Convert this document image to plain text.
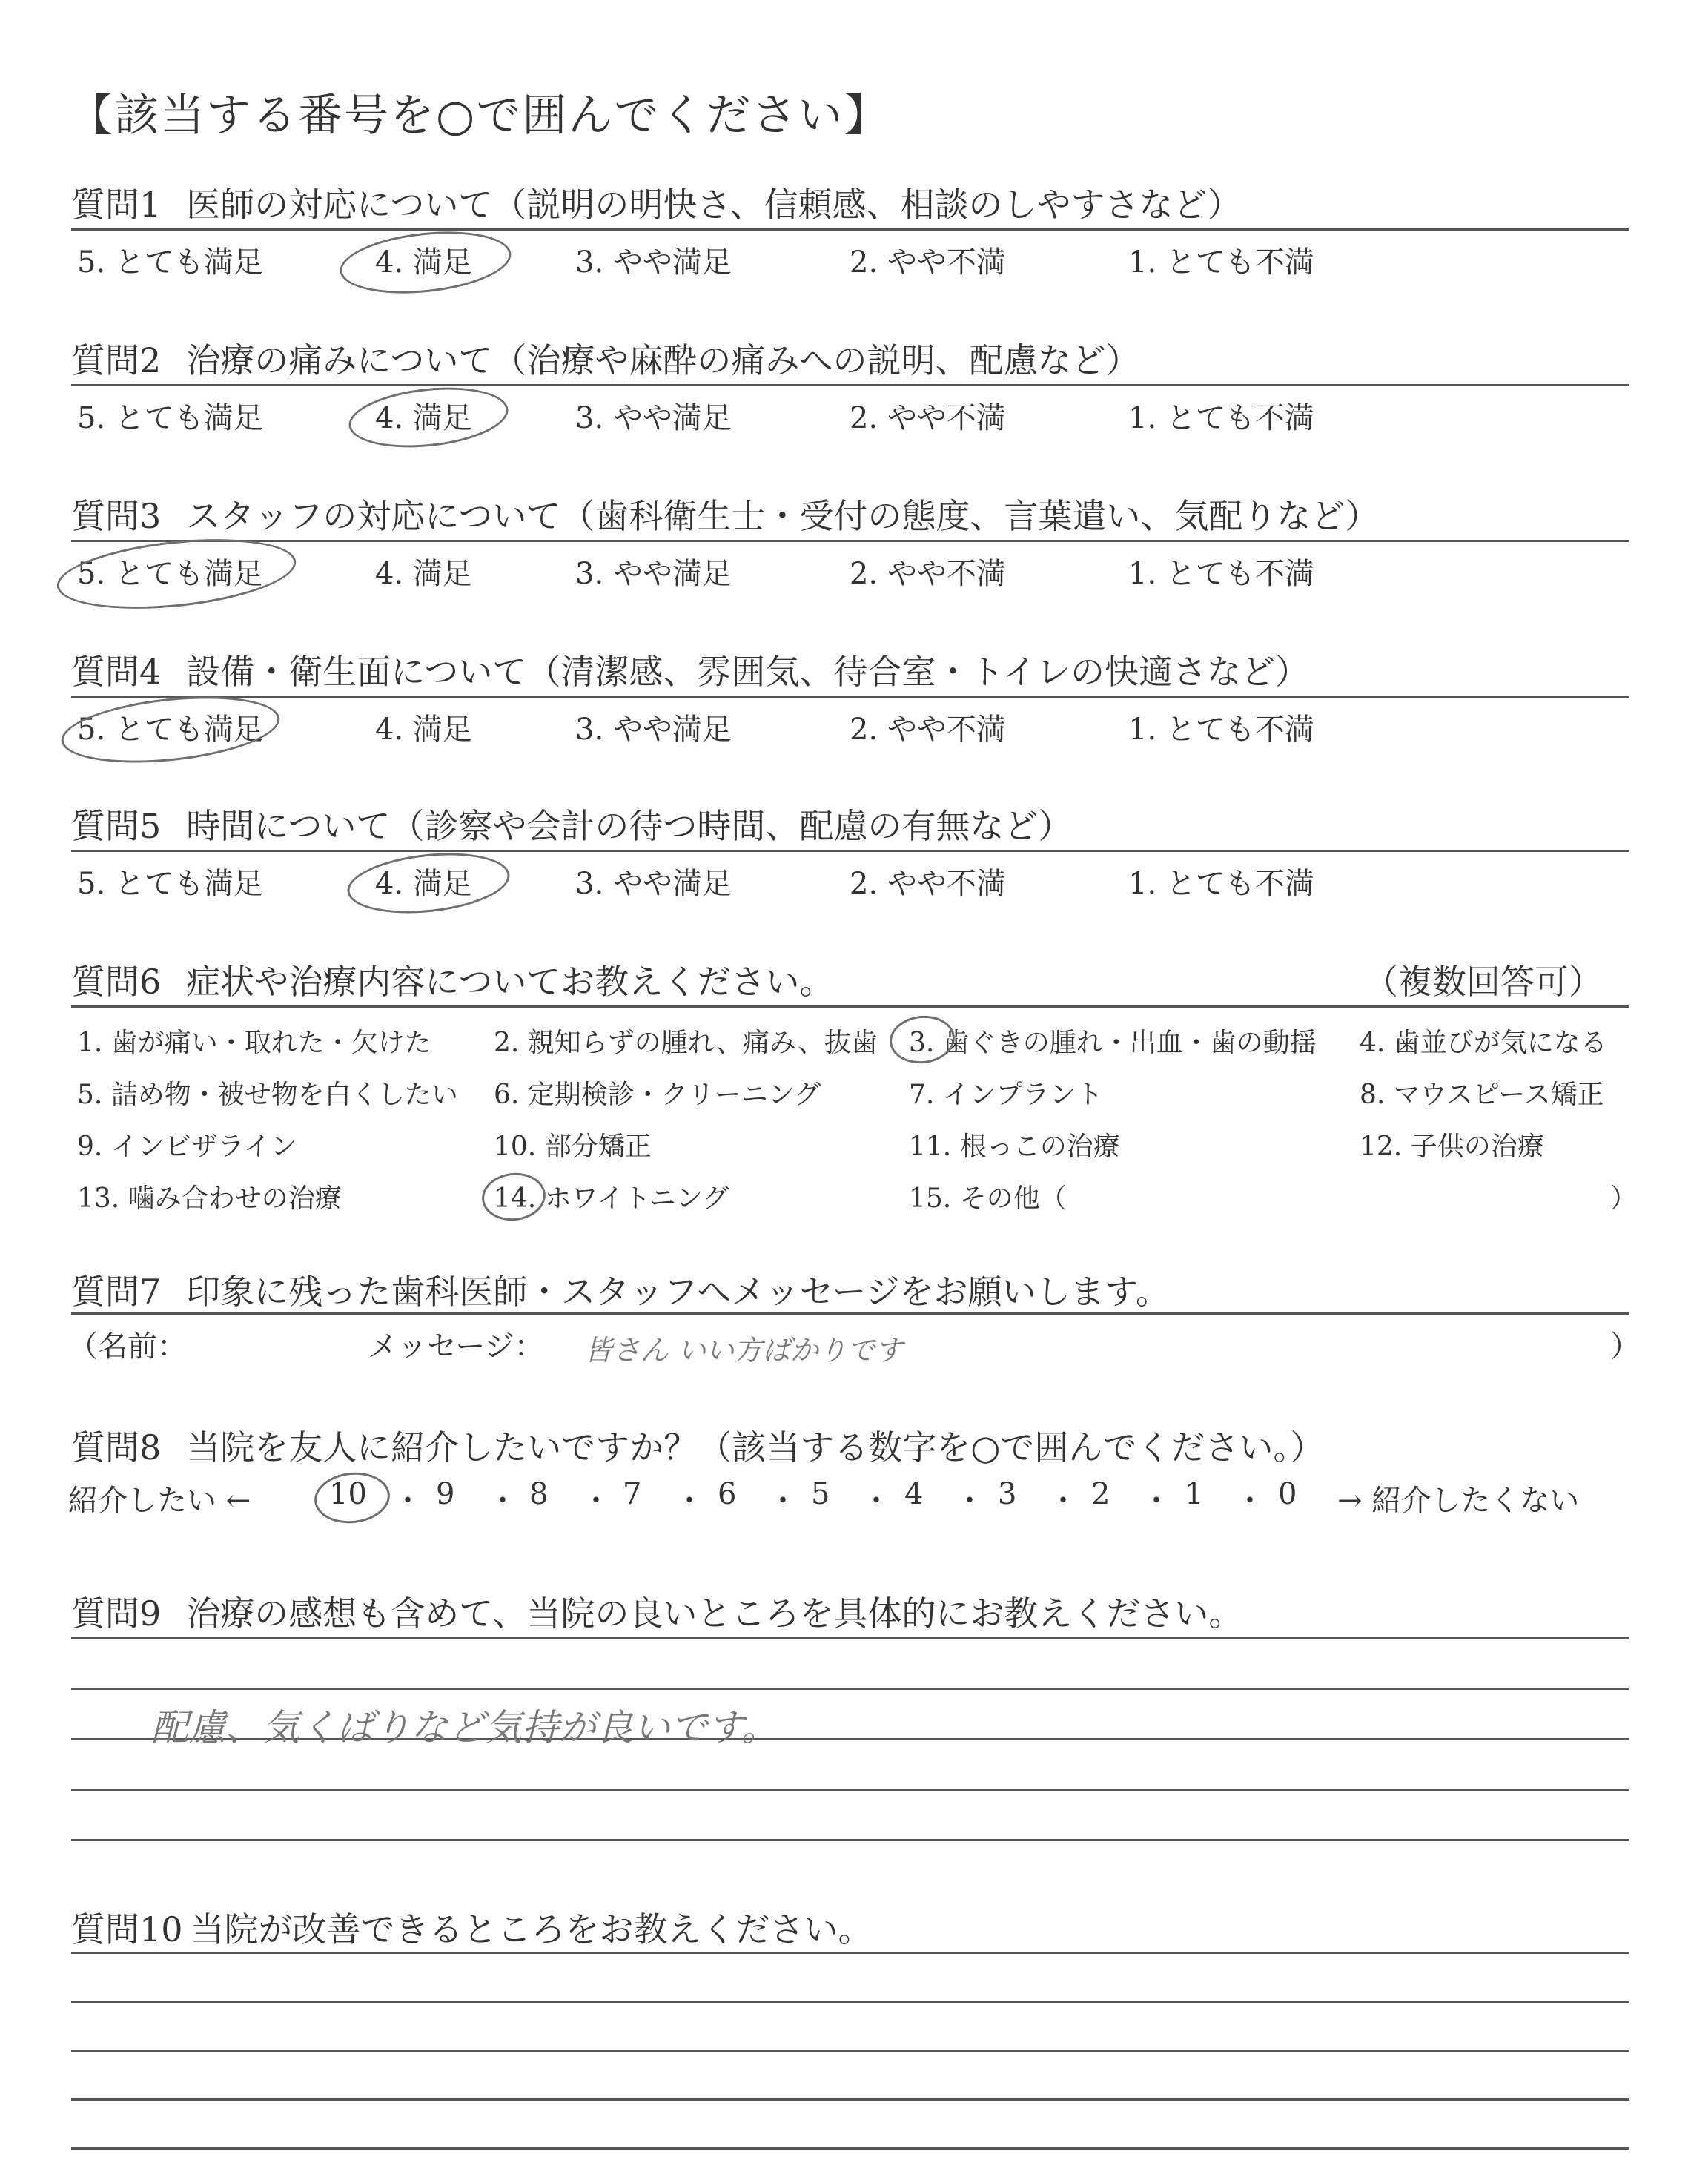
【該当する番号を○で囲んでください】
質問1 医師の対応について（説明の明快さ、信頼感、相談のしやすさなど）
5. とても満足	4. 満足	3. やや満足	2. やや不満	1. とても不満
質問2 治療の痛みについて（治療や麻酔の痛みへの説明、配慮など）
5. とても満足	4. 満足	3. やや満足	2. やや不満	1. とても不満
質問3 スタッフの対応について（歯科衛生士・受付の態度、言葉遣い、気配りなど）
5. とても満足	4. 満足	3. やや満足	2. やや不満	1. とても不満
質問4 設備・衛生面について（清潔感、雰囲気、待合室・トイレの快適さなど）
5. とても満足	4. 満足	3. やや満足	2. やや不満	1. とても不満
質問5 時間について（診察や会計の待つ時間、配慮の有無など）
5. とても満足	4. 満足	3. やや満足	2. やや不満	1. とても不満
質問6 症状や治療内容についてお教えください。	（複数回答可）
1. 歯が痛い・取れた・欠けた 2. 親知らずの腫れ、痛み、抜歯 3. 歯ぐきの腫れ・出血・歯の動揺 4. 歯並びが気になる
5. 詰め物・被せ物を白くしたい 6. 定期検診・クリーニング	7. インプラント	8. マウスピース矯正
9. インビザライン	10. 部分矯正	11. 根っこの治療	12. 子供の治療
13. 噛み合わせの治療	14. ホワイトニング	15. その他（	）
質問7 印象に残った歯科医師・スタッフへメッセージをお願いします。
（名前：	メッセージ： 皆さん いい方ばかりです	）
質問8 当院を友人に紹介したいですか？（該当する数字を○で囲んでください。）
紹介したい ←	10 ・ 9 ・ 8 ・ 7 ・ 6 ・ 5 ・ 4 ・ 3 ・ 2 ・ 1 ・ 0 → 紹介したくない
質問9 治療の感想も含めて、当院の良いところを具体的にお教えください。
配慮、気くばりなど気持が良いです。
質問10 当院が改善できるところをお教えください。
